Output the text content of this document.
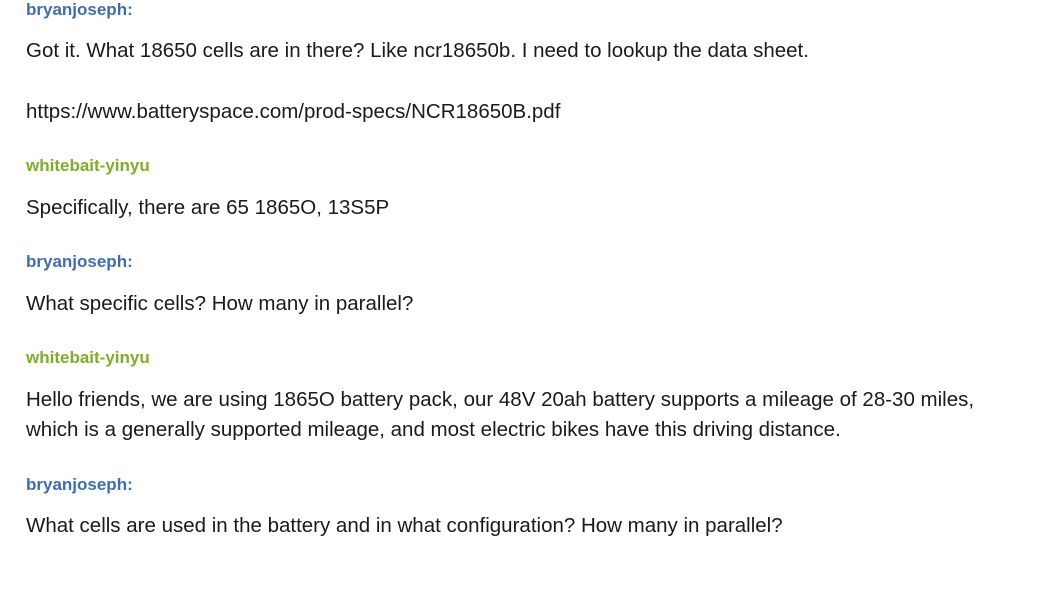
bryanjoseph:
Got it. What 18650 cells are in there? Like ncr18650b. I need to lookup the data sheet.
https://www.batteryspace.com/prod-specs/NCR18650B.pdf
whitebait-yinyu
Specifically, there are 65 1865O, 13S5P
bryanjoseph:
What specific cells? How many in parallel?
whitebait-yinyu
Hello friends, we are using 1865O battery pack, our 48V 20ah battery supports a mileage of 28-30 miles, which is a generally supported mileage, and most electric bikes have this driving distance.
bryanjoseph:
What cells are used in the battery and in what configuration? How many in parallel?
